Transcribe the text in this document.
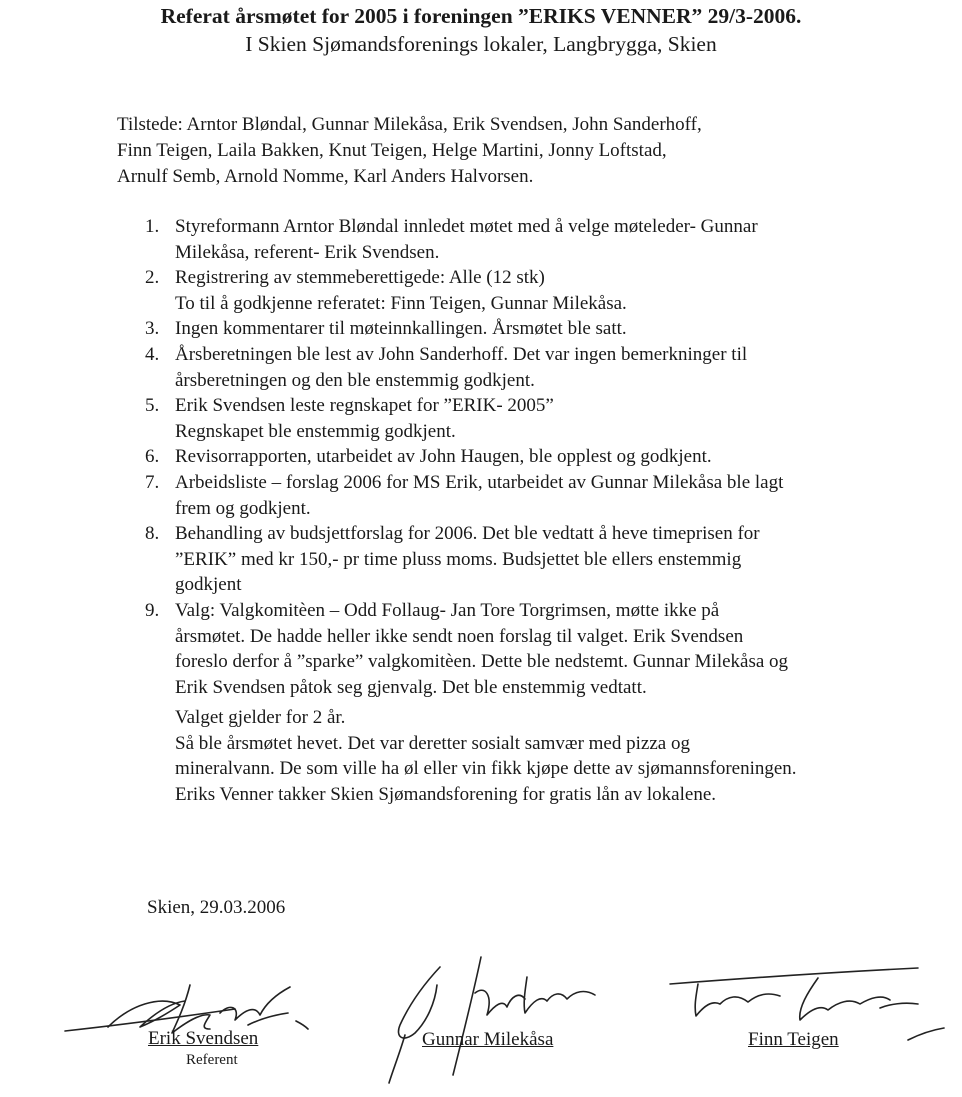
Referat årsmøtet for 2005 i foreningen ”ERIKS VENNER” 29/3-2006.
I Skien Sjømandsforenings lokaler, Langbrygga, Skien
Tilstede: Arntor Bløndal, Gunnar Milekåsa, Erik Svendsen, John Sanderhoff,
Finn Teigen, Laila Bakken, Knut Teigen, Helge Martini, Jonny Loftstad,
Arnulf Semb, Arnold Nomme, Karl Anders Halvorsen.
1. Styreformann Arntor Bløndal innledet møtet med å velge møteleder- Gunnar
Milekåsa, referent- Erik Svendsen.
2. Registrering av stemmeberettigede: Alle (12 stk)
To til å godkjenne referatet: Finn Teigen, Gunnar Milekåsa.
3. Ingen kommentarer til møteinnkallingen. Årsmøtet ble satt.
4. Årsberetningen ble lest av John Sanderhoff. Det var ingen bemerkninger til
årsberetningen og den ble enstemmig godkjent.
5. Erik Svendsen leste regnskapet for ”ERIK- 2005”
Regnskapet ble enstemmig godkjent.
6. Revisorrapporten, utarbeidet av John Haugen, ble opplest og godkjent.
7. Arbeidsliste – forslag 2006 for MS Erik, utarbeidet av Gunnar Milekåsa ble lagt
frem og godkjent.
8. Behandling av budsjettforslag for 2006. Det ble vedtatt å heve timeprisen for
”ERIK” med kr 150,- pr time pluss moms. Budsjettet ble ellers enstemmig
godkjent
9. Valg: Valgkomitèen – Odd Follaug- Jan Tore Torgrimsen, møtte ikke på
årsmøtet. De hadde heller ikke sendt noen forslag til valget. Erik Svendsen
foreslo derfor å ”sparke” valgkomitèen. Dette ble nedstemt. Gunnar Milekåsa og
Erik Svendsen påtok seg gjenvalg. Det ble enstemmig vedtatt.
Valget gjelder for 2 år.
Så ble årsmøtet hevet. Det var deretter sosialt samvær med pizza og
mineralvann. De som ville ha øl eller vin fikk kjøpe dette av sjømannsforeningen.
Eriks Venner takker Skien Sjømandsforening for gratis lån av lokalene.
Skien, 29.03.2006
Erik Svendsen
Referent
Gunnar Milekåsa	Finn Teigen
